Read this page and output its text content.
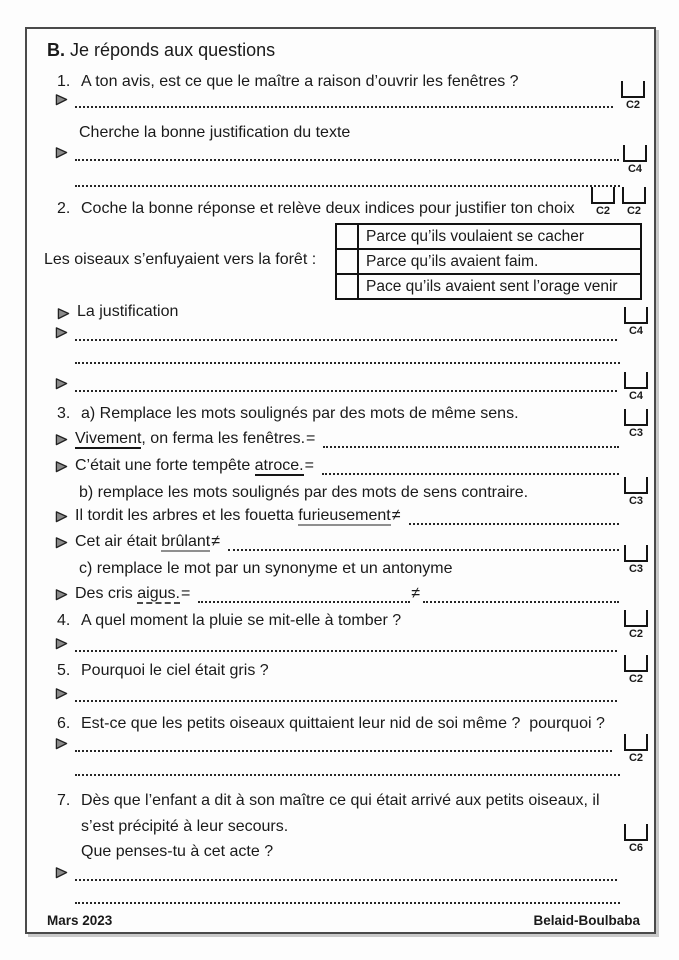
B. Je réponds aux questions
1. A ton avis, est ce que le maître a raison d’ouvrir les fenêtres ?
C2
Cherche la bonne justification du texte
C4
2. Coche la bonne réponse et relève deux indices pour justifier ton choix	C2	C2
Les oiseaux s’enfuyaient vers la forêt :
	Parce qu’ils voulaient se cacher
	Parce qu’ils avaient faim.
	Pace qu’ils avaient sent l’orage venir
La justification
C4
C4
3. a) Remplace les mots soulignés par des mots de même sens.
C3
Vivement, on ferma les fenêtres.=
C’était une forte tempête atroce.=
b) remplace les mots soulignés par des mots de sens contraire.	C3
Il tordit les arbres et les fouetta furieusement≠
Cet air était brûlant≠
C3
c) remplace le mot par un synonyme et un antonyme
Des cris aigus.=	≠
4. A quel moment la pluie se mit-elle à tomber ?
C2
5. Pourquoi le ciel était gris ?	C2
6. Est-ce que les petits oiseaux quittaient leur nid de soi même ?  pourquoi ?
C2
7. Dès que l’enfant a dit à son maître ce qui était arrivé aux petits oiseaux, il
s’est précipité à leur secours.
C6
Que penses-tu à cet acte ?
Mars 2023	Belaid-Boulbaba
